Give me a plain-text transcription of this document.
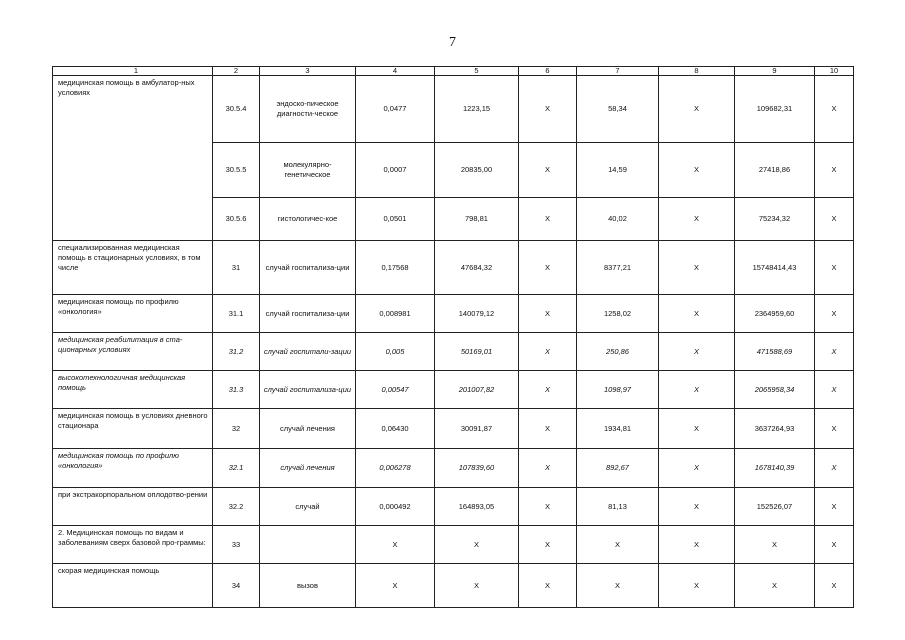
7
1	2	3	4	5	6	7	8	9	10
медицинская помощь в амбулатор-ных условиях	30.5.4	эндоско-пическое диагности-ческое	0,0477	1223,15	X	58,34	X	109682,31	X
	30.5.5	молекулярно-генетическое	0,0007	20835,00	X	14,59	X	27418,86	X
	30.5.6	гистологичес-кое	0,0501	798,81	X	40,02	X	75234,32	X
специализированная медицинская помощь в стационарных условиях, в том числе	31	случай госпитализа-ции	0,17568	47684,32	X	8377,21	X	15748414,43	X
медицинская помощь по профилю «онкология»	31.1	случай госпитализа-ции	0,008981	140079,12	X	1258,02	X	2364959,60	X
медицинская реабилитация в ста-ционарных условиях	31.2	случай госпитали-зации	0,005	50169,01	X	250,86	X	471588,69	X
высокотехнологичная медицинская помощь	31.3	случай госпитализа-ции	0,00547	201007,82	X	1098,97	X	2065958,34	X
медицинская помощь в условиях дневного стационара	32	случай лечения	0,06430	30091,87	X	1934,81	X	3637264,93	X
медицинская помощь по профилю «онкология»	32.1	случай лечения	0,006278	107839,60	X	892,67	X	1678140,39	X
при экстракорпоральном оплодотво-рении	32.2	случай	0,000492	164893,05	X	81,13	X	152526,07	X
2. Медицинская помощь по видам и заболеваниям сверх базовой про-граммы:	33		X	X	X	X	X	X	X
скорая медицинская помощь	34	вызов	X	X	X	X	X	X	X
